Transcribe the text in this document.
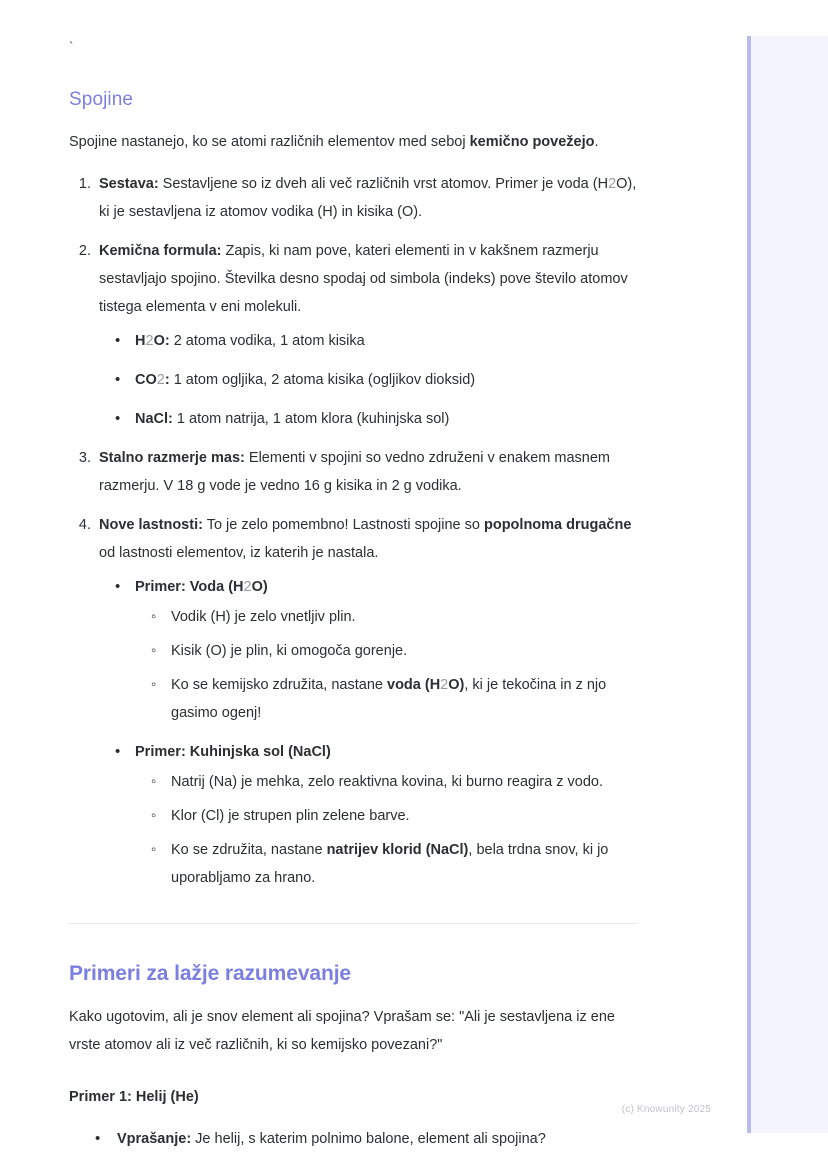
`
Spojine

Spojine nastanejo, ko se atomi različnih elementov med seboj kemično povežejo.

1. Sestava: Sestavljene so iz dveh ali več različnih vrst atomov. Primer je voda (H2O), ki je sestavljena iz atomov vodika (H) in kisika (O).
2. Kemična formula: Zapis, ki nam pove, kateri elementi in v kakšnem razmerju sestavljajo spojino. Številka desno spodaj od simbola (indeks) pove število atomov tistega elementa v eni molekuli.
• H2O: 2 atoma vodika, 1 atom kisika
• CO2: 1 atom ogljika, 2 atoma kisika (ogljikov dioksid)
• NaCl: 1 atom natrija, 1 atom klora (kuhinjska sol)
3. Stalno razmerje mas: Elementi v spojini so vedno združeni v enakem masnem razmerju. V 18 g vode je vedno 16 g kisika in 2 g vodika.
4. Nove lastnosti: To je zelo pomembno! Lastnosti spojine so popolnoma drugačne od lastnosti elementov, iz katerih je nastala.
• Primer: Voda (H2O)
◦ Vodik (H) je zelo vnetljiv plin.
◦ Kisik (O) je plin, ki omogoča gorenje.
◦ Ko se kemijsko združita, nastane voda (H2O), ki je tekočina in z njo gasimo ogenj!
• Primer: Kuhinjska sol (NaCl)
◦ Natrij (Na) je mehka, zelo reaktivna kovina, ki burno reagira z vodo.
◦ Klor (Cl) je strupen plin zelene barve.
◦ Ko se združita, nastane natrijev klorid (NaCl), bela trdna snov, ki jo uporabljamo za hrano.
Primeri za lažje razumevanje

Kako ugotovim, ali je snov element ali spojina? Vprašam se: "Ali je sestavljena iz ene vrste atomov ali iz več različnih, ki so kemijsko povezani?"

Primer 1: Helij (He)

• Vprašanje: Je helij, s katerim polnimo balone, element ali spojina?
(c) Knowunity 2025
